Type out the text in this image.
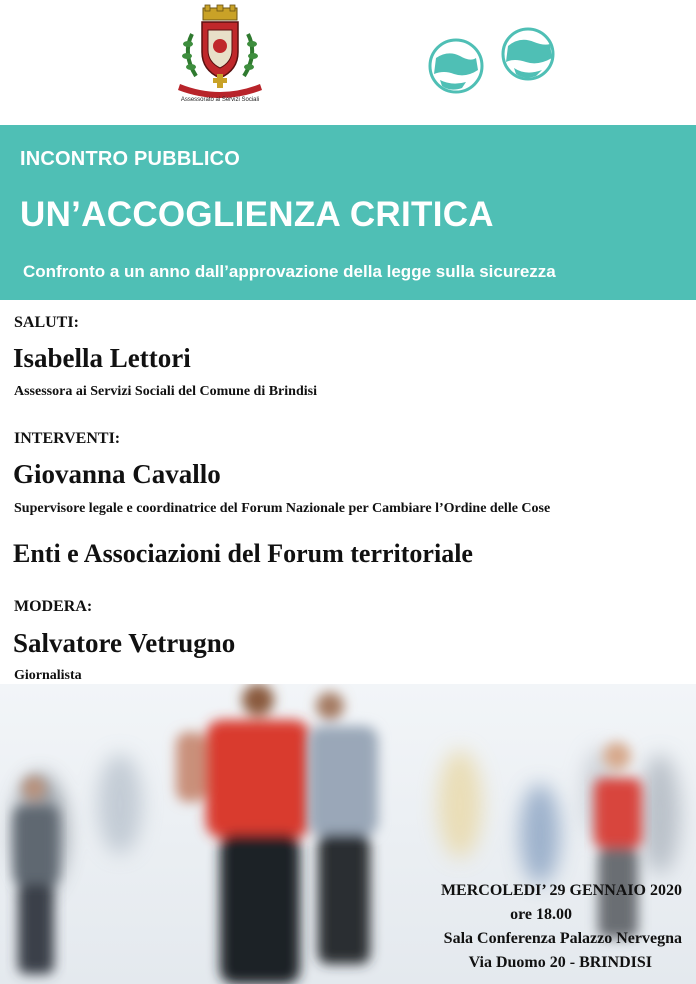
Assessorato ai Servizi Sociali
INCONTRO PUBBLICO
UN’ACCOGLIENZA CRITICA
Confronto a un anno dall’approvazione della legge sulla sicurezza
SALUTI:
Isabella Lettori
Assessora ai Servizi Sociali del Comune di Brindisi
INTERVENTI:
Giovanna Cavallo
Supervisore legale e coordinatrice del Forum Nazionale per Cambiare l’Ordine delle Cose
Enti e Associazioni del Forum territoriale
MODERA:
Salvatore Vetrugno
Giornalista
MERCOLEDI’ 29 GENNAIO 2020
ore 18.00
Sala Conferenza Palazzo Nervegna
Via Duomo 20 - BRINDISI
